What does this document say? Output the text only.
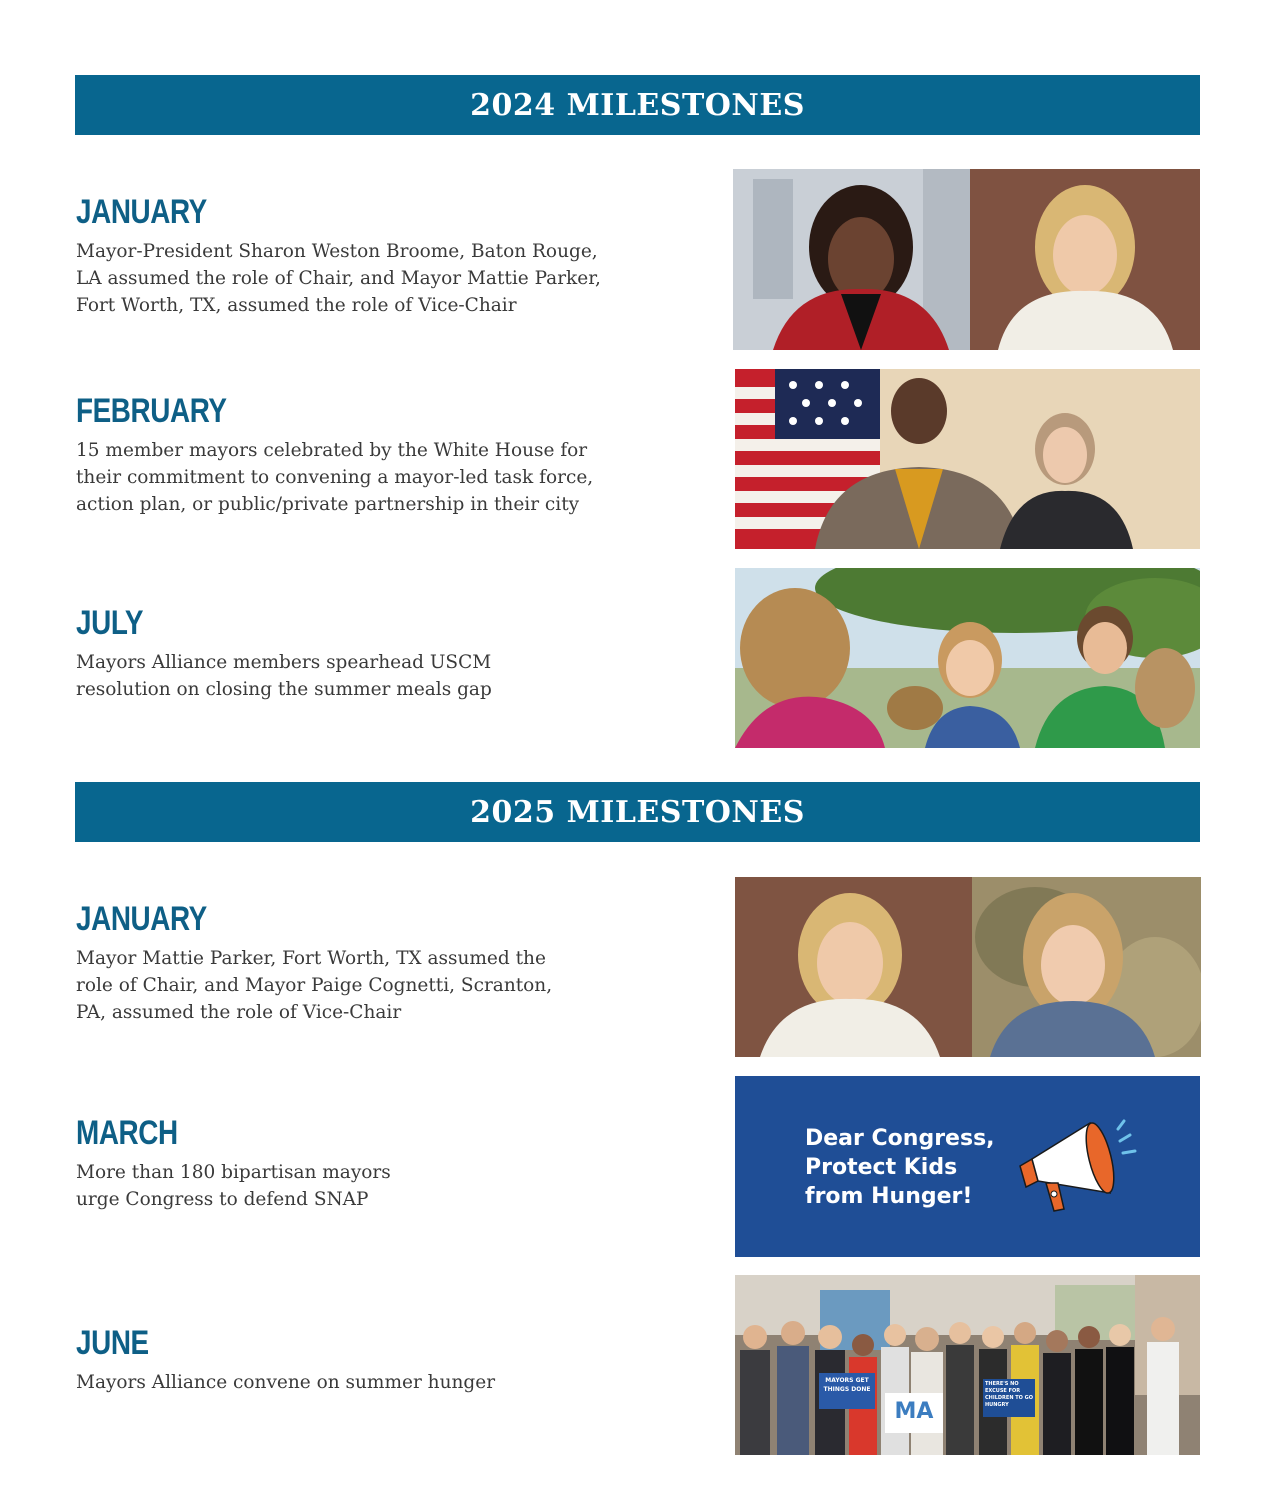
2024 MILESTONES
JANUARY
Mayor-President Sharon Weston Broome, Baton Rouge,
LA assumed the role of Chair, and Mayor Mattie Parker,
Fort Worth, TX, assumed the role of Vice-Chair
FEBRUARY
15 member mayors celebrated by the White House for
their commitment to convening a mayor-led task force,
action plan, or public/private partnership in their city
JULY
Mayors Alliance members spearhead USCM
resolution on closing the summer meals gap
2025 MILESTONES
JANUARY
Mayor Mattie Parker, Fort Worth, TX assumed the
role of Chair, and Mayor Paige Cognetti, Scranton,
PA, assumed the role of Vice-Chair
MARCH
More than 180 bipartisan mayors
urge Congress to defend SNAP
JUNE
Mayors Alliance convene on summer hunger
Dear Congress,
Protect Kids
from Hunger!
MAYORS GET THINGS DONE
MA
THERE'S NO EXCUSE FOR CHILDREN TO GO HUNGRY
